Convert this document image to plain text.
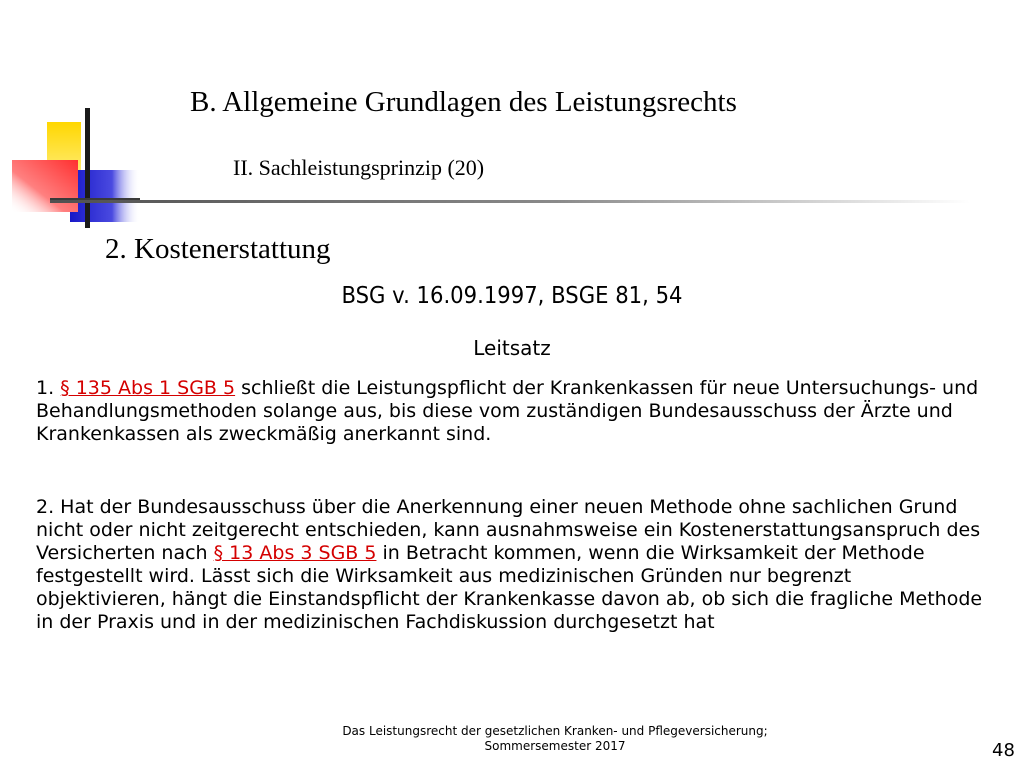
B. Allgemeine Grundlagen des Leistungsrechts
II. Sachleistungsprinzip (20)
2. Kostenerstattung
BSG v. 16.09.1997, BSGE 81, 54
Leitsatz

1. § 135 Abs 1 SGB 5 schließt die Leistungspflicht der Krankenkassen für neue Untersuchungs- und Behandlungsmethoden solange aus, bis diese vom zuständigen Bundesausschuss der Ärzte und Krankenkassen als zweckmäßig anerkannt sind.

2. Hat der Bundesausschuss über die Anerkennung einer neuen Methode ohne sachlichen Grund nicht oder nicht zeitgerecht entschieden, kann ausnahmsweise ein Kostenerstattungsanspruch des Versicherten nach § 13 Abs 3 SGB 5 in Betracht kommen, wenn die Wirksamkeit der Methode festgestellt wird. Lässt sich die Wirksamkeit aus medizinischen Gründen nur begrenzt objektivieren, hängt die Einstandspflicht der Krankenkasse davon ab, ob sich die fragliche Methode in der Praxis und in der medizinischen Fachdiskussion durchgesetzt hat

Das Leistungsrecht der gesetzlichen Kranken- und Pflegeversicherung;
Sommersemester 2017	48
